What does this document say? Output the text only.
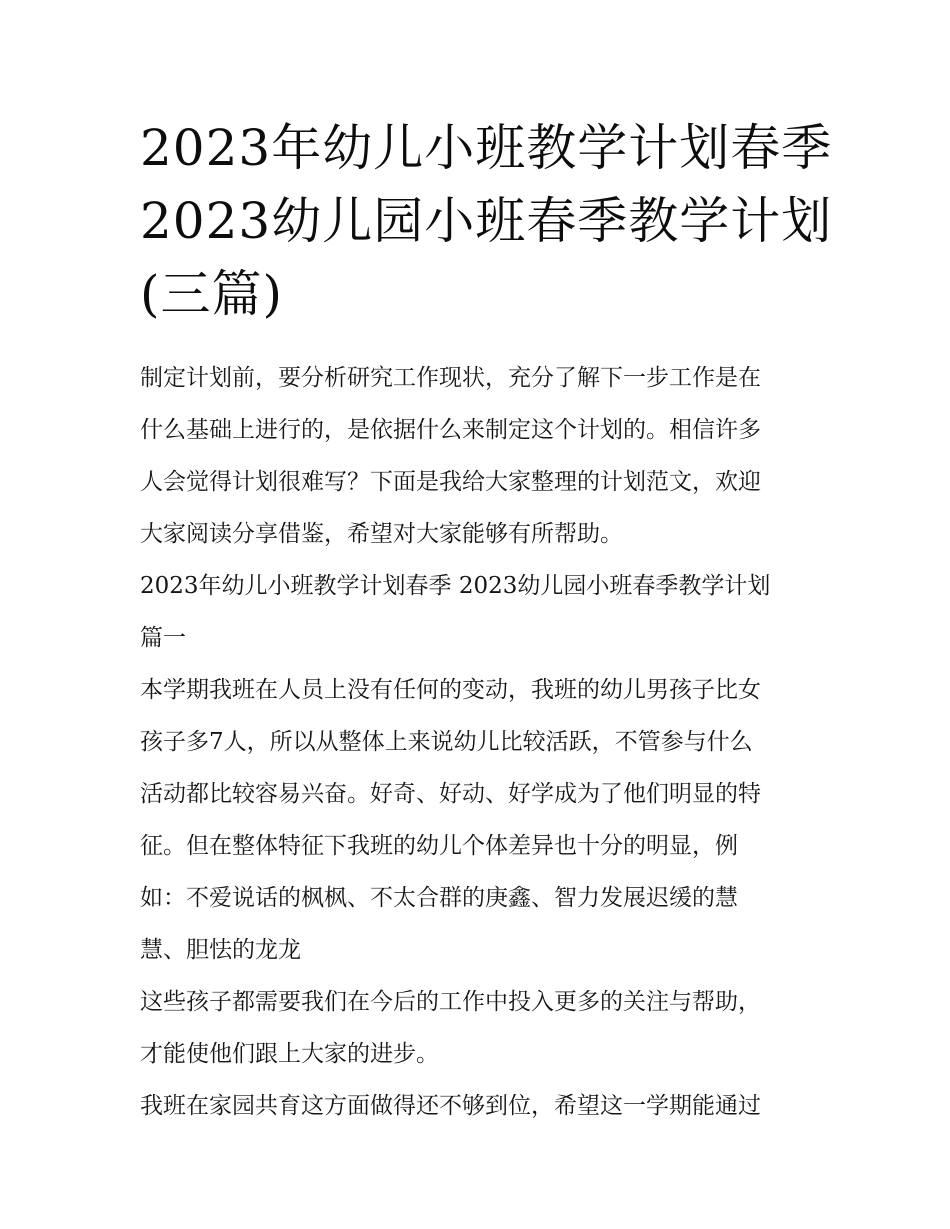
2023年幼儿小班教学计划春季
2023幼儿园小班春季教学计划
(三篇)

制定计划前，要分析研究工作现状，充分了解下一步工作是在
什么基础上进行的，是依据什么来制定这个计划的。相信许多
人会觉得计划很难写？下面是我给大家整理的计划范文，欢迎
大家阅读分享借鉴，希望对大家能够有所帮助。

2023年幼儿小班教学计划春季 2023幼儿园小班春季教学计划
篇一

本学期我班在人员上没有任何的变动，我班的幼儿男孩子比女
孩子多7人，所以从整体上来说幼儿比较活跃，不管参与什么
活动都比较容易兴奋。好奇、好动、好学成为了他们明显的特
征。但在整体特征下我班的幼儿个体差异也十分的明显，例
如：不爱说话的枫枫、不太合群的庚鑫、智力发展迟缓的慧
慧、胆怯的龙龙

这些孩子都需要我们在今后的工作中投入更多的关注与帮助，
才能使他们跟上大家的进步。

我班在家园共育这方面做得还不够到位，希望这一学期能通过
